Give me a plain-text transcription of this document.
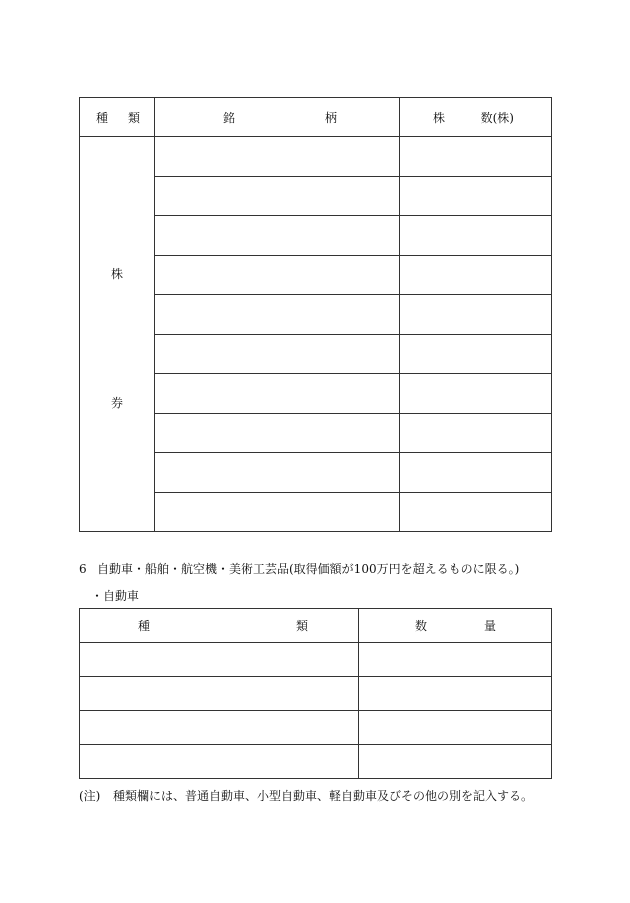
種 類	銘 柄	株 数(株)

株
券		

6 自動車・船舶・航空機・美術工芸品(取得価額が100万円を超えるものに限る。)
・自動車
種 類	数 量

(注) 種類欄には、普通自動車、小型自動車、軽自動車及びその他の別を記入する。
